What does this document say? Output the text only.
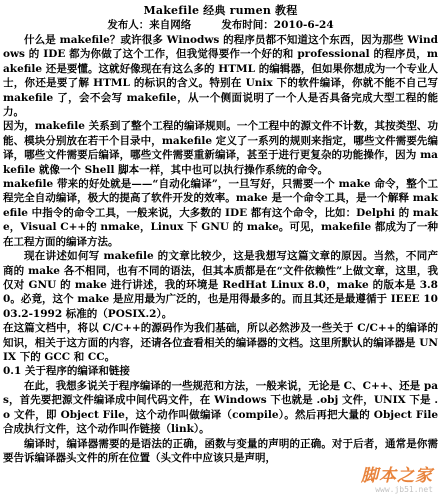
Makefile 经典 rumen 教程
发布人：来自网络	发布时间：2010-6-24

什么是 makefile？或许很多 Winodws 的程序员都不知道这个东西，因为那些 Windows 的 IDE 都为你做了这个工作，但我觉得要作一个好的和 professional 的程序员，makefile 还是要懂。这就好像现在有这么多的 HTML 的编辑器，但如果你想成为一个专业人士，你还是要了解 HTML 的标识的含义。特别在 Unix 下的软件编译，你就不能不自己写 makefile 了，会不会写 makefile，从一个侧面说明了一个人是否具备完成大型工程的能力。

因为，makefile 关系到了整个工程的编译规则。一个工程中的源文件不计数，其按类型、功能、模块分别放在若干个目录中，makefile 定义了一系列的规则来指定，哪些文件需要先编译，哪些文件需要后编译，哪些文件需要重新编译，甚至于进行更复杂的功能操作，因为 makefile 就像一个 Shell 脚本一样，其中也可以执行操作系统的命令。

makefile 带来的好处就是——“自动化编译”，一旦写好，只需要一个 make 命令，整个工程完全自动编译，极大的提高了软件开发的效率。make 是一个命令工具，是一个解释 makefile 中指令的命令工具，一般来说，大多数的 IDE 都有这个命令，比如：Delphi 的 make，Visual C++的 nmake，Linux 下 GNU 的 make。可见，makefile 都成为了一种在工程方面的编译方法。

现在讲述如何写 makefile 的文章比较少，这是我想写这篇文章的原因。当然，不同产商的 make 各不相同，也有不同的语法，但其本质都是在“文件依赖性”上做文章，这里，我仅对 GNU 的 make 进行讲述，我的环境是 RedHat Linux 8.0，make 的版本是 3.80。必竟，这个 make 是应用最为广泛的，也是用得最多的。而且其还是最遵循于 IEEE 1003.2-1992 标准的（POSIX.2）。

在这篇文档中，将以 C/C++的源码作为我们基础，所以必然涉及一些关于 C/C++的编译的知识，相关于这方面的内容，还请各位查看相关的编译器的文档。这里所默认的编译器是 UNIX 下的 GCC 和 CC。

0.1 关于程序的编译和链接

在此，我想多说关于程序编译的一些规范和方法，一般来说，无论是 C、C++、还是 pas，首先要把源文件编译成中间代码文件，在 Windows 下也就是 .obj 文件，UNIX 下是 .o 文件，即 Object File，这个动作叫做编译（compile）。然后再把大量的 Object File 合成执行文件，这个动作叫作链接（link）。

编译时，编译器需要的是语法的正确，函数与变量的声明的正确。对于后者，通常是你需要告诉编译器头文件的所在位置（头文件中应该只是声明，

脚本之家
www.jb51.net
